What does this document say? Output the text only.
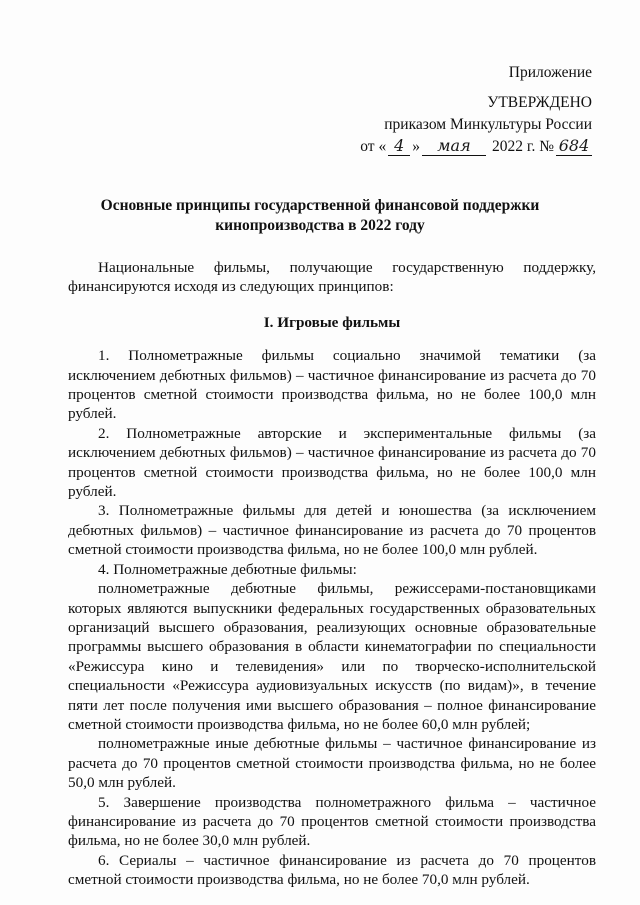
Приложение
УТВЕРЖДЕНО
приказом Минкультуры России
от « 4 »	мая	2022 г. № 684
Основные принципы государственной финансовой поддержки
кинопроизводства в 2022 году

Национальные фильмы, получающие государственную поддержку, финансируются исходя из следующих принципов:

I. Игровые фильмы

1. Полнометражные фильмы социально значимой тематики (за исключением дебютных фильмов) – частичное финансирование из расчета до 70 процентов сметной стоимости производства фильма, но не более 100,0 млн рублей.

2. Полнометражные авторские и экспериментальные фильмы (за исключением дебютных фильмов) – частичное финансирование из расчета до 70 процентов сметной стоимости производства фильма, но не более 100,0 млн рублей.

3. Полнометражные фильмы для детей и юношества (за исключением дебютных фильмов) – частичное финансирование из расчета до 70 процентов сметной стоимости производства фильма, но не более 100,0 млн рублей.

4. Полнометражные дебютные фильмы:

полнометражные дебютные фильмы, режиссерами-постановщиками которых являются выпускники федеральных государственных образовательных организаций высшего образования, реализующих основные образовательные программы высшего образования в области кинематографии по специальности «Режиссура кино и телевидения» или по творческо-исполнительской специальности «Режиссура аудиовизуальных искусств (по видам)», в течение пяти лет после получения ими высшего образования – полное финансирование сметной стоимости производства фильма, но не более 60,0 млн рублей;

полнометражные иные дебютные фильмы – частичное финансирование из расчета до 70 процентов сметной стоимости производства фильма, но не более 50,0 млн рублей.

5. Завершение производства полнометражного фильма – частичное финансирование из расчета до 70 процентов сметной стоимости производства фильма, но не более 30,0 млн рублей.

6. Сериалы – частичное финансирование из расчета до 70 процентов сметной стоимости производства фильма, но не более 70,0 млн рублей.
